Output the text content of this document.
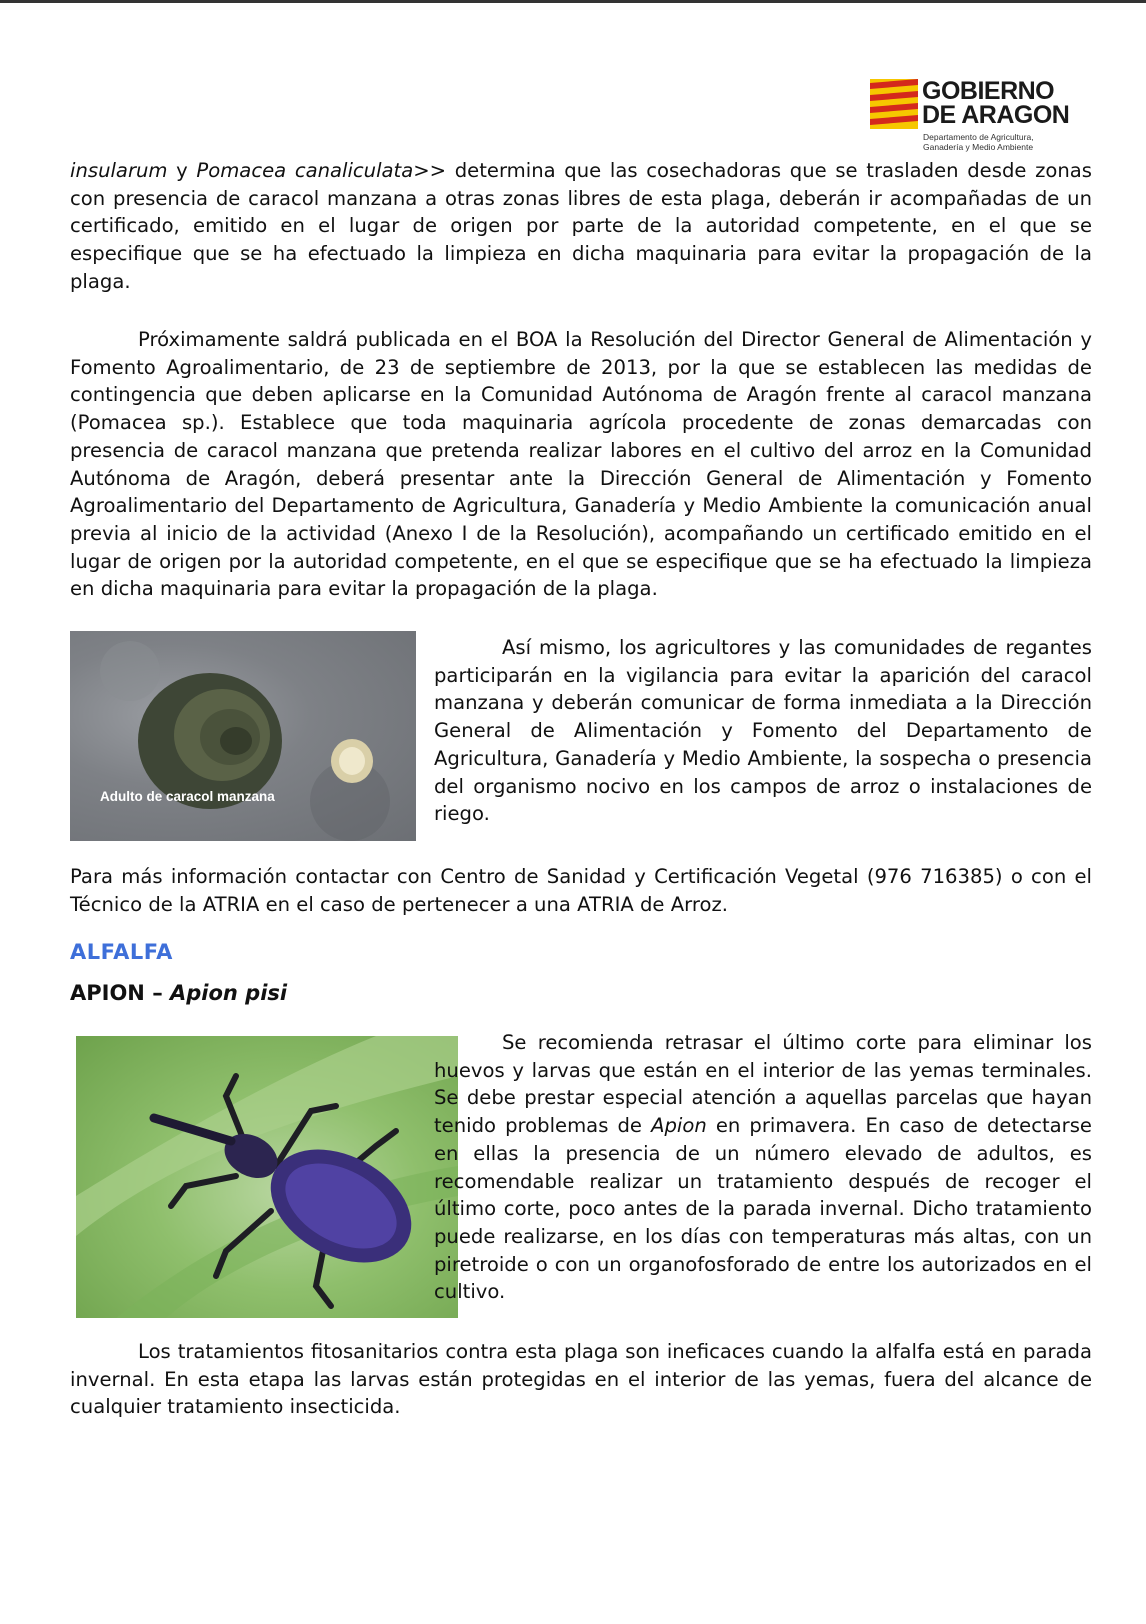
GOBIERNO
DE ARAGON
Departamento de Agricultura,
Ganadería y Medio Ambiente

insularum y Pomacea canaliculata>> determina que las cosechadoras que se trasladen desde zonas con presencia de caracol manzana a otras zonas libres de esta plaga, deberán ir acompañadas de un certificado, emitido en el lugar de origen por parte de la autoridad competente, en el que se especifique que se ha efectuado la limpieza en dicha maquinaria para evitar la propagación de la plaga.

Próximamente saldrá publicada en el BOA la Resolución del Director General de Alimentación y Fomento Agroalimentario, de 23 de septiembre de 2013, por la que se establecen las medidas de contingencia que deben aplicarse en la Comunidad Autónoma de Aragón frente al caracol manzana (Pomacea sp.). Establece que toda maquinaria agrícola procedente de zonas demarcadas con presencia de caracol manzana que pretenda realizar labores en el cultivo del arroz en la Comunidad Autónoma de Aragón, deberá presentar ante la Dirección General de Alimentación y Fomento Agroalimentario del Departamento de Agricultura, Ganadería y Medio Ambiente la comunicación anual previa al inicio de la actividad (Anexo I de la Resolución), acompañando un certificado emitido en el lugar de origen por la autoridad competente, en el que se especifique que se ha efectuado la limpieza en dicha maquinaria para evitar la propagación de la plaga.

Para más información contactar con Centro de Sanidad y Certificación Vegetal (976 716385) o con el Técnico de la ATRIA en el caso de pertenecer a una ATRIA de Arroz.

Los tratamientos fitosanitarios contra esta plaga son ineficaces cuando la alfalfa está en parada invernal. En esta etapa las larvas están protegidas en el interior de las yemas, fuera del alcance de cualquier tratamiento insecticida.

Adulto de caracol manzana

Así mismo, los agricultores y las comunidades de regantes participarán en la vigilancia para evitar la aparición del caracol manzana y deberán comunicar de forma inmediata a la Dirección General de Alimentación y Fomento del Departamento de Agricultura, Ganadería y Medio Ambiente, la sospecha o presencia del organismo nocivo en los campos de arroz o instalaciones de riego.

ALFALFA
APION – Apion pisi

Se recomienda retrasar el último corte para eliminar los huevos y larvas que están en el interior de las yemas terminales. Se debe prestar especial atención a aquellas parcelas que hayan tenido problemas de Apion en primavera. En caso de detectarse en ellas la presencia de un número elevado de adultos, es recomendable realizar un tratamiento después de recoger el último corte, poco antes de la parada invernal. Dicho tratamiento puede realizarse, en los días con temperaturas más altas, con un piretroide o con un organofosforado de entre los autorizados en el cultivo.
